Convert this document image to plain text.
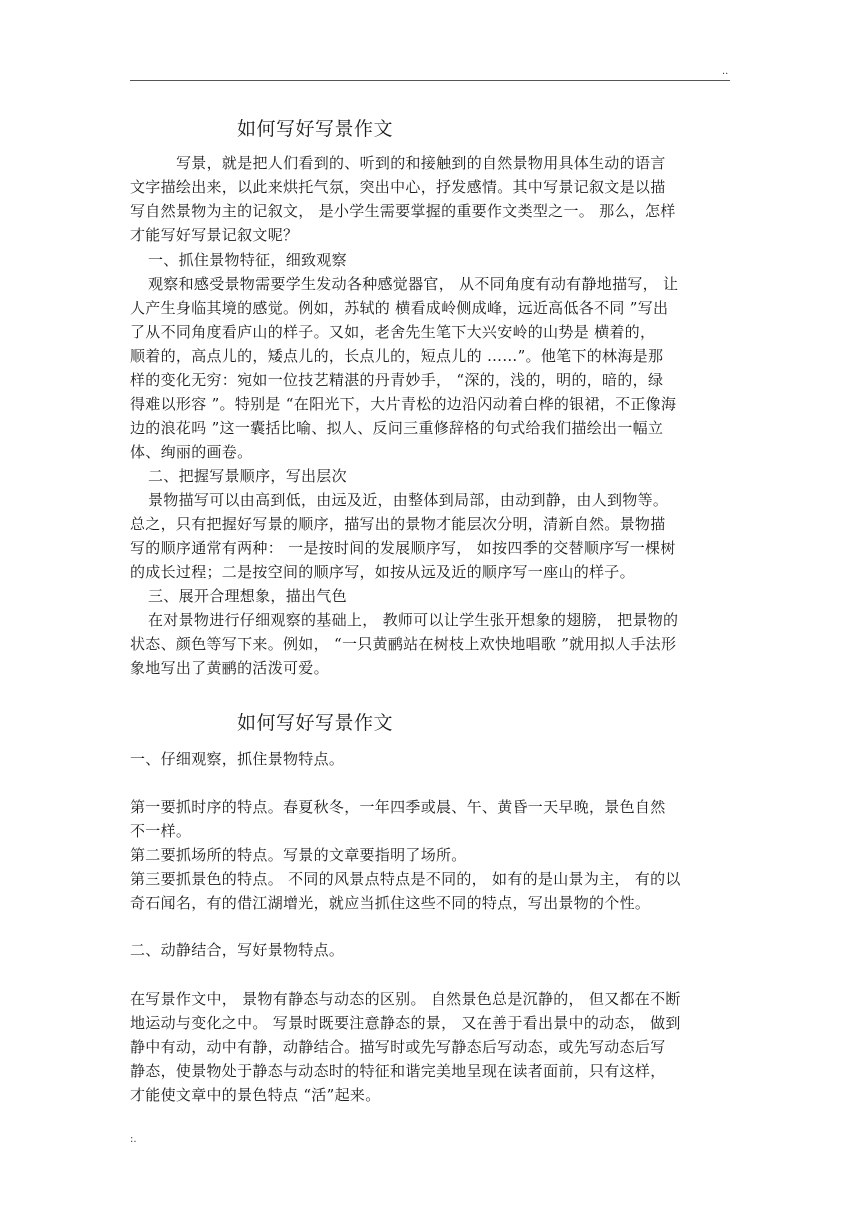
..
如何写好写景作文
写景，就是把人们看到的、听到的和接触到的自然景物用具体生动的语言
文字描绘出来，以此来烘托气氛，突出中心，抒发感情。其中写景记叙文是以描
写自然景物为主的记叙文， 是小学生需要掌握的重要作文类型之一。 那么，怎样
才能写好写景记叙文呢？
一、抓住景物特征，细致观察
观察和感受景物需要学生发动各种感觉器官， 从不同角度有动有静地描写， 让
人产生身临其境的感觉。例如，苏轼的 横看成岭侧成峰，远近高低各不同 ”写出
了从不同角度看庐山的样子。又如，老舍先生笔下大兴安岭的山势是 横着的，
顺着的，高点儿的，矮点儿的，长点儿的，短点儿的 ……”。他笔下的林海是那
样的变化无穷：宛如一位技艺精湛的丹青妙手， “深的，浅的，明的，暗的，绿
得难以形容 ”。特别是 “在阳光下，大片青松的边沿闪动着白桦的银裙，不正像海
边的浪花吗 ”这一囊括比喻、拟人、反问三重修辞格的句式给我们描绘出一幅立
体、绚丽的画卷。
二、把握写景顺序，写出层次
景物描写可以由高到低，由远及近，由整体到局部，由动到静，由人到物等。
总之，只有把握好写景的顺序，描写出的景物才能层次分明，清新自然。景物描
写的顺序通常有两种： 一是按时间的发展顺序写， 如按四季的交替顺序写一棵树
的成长过程；二是按空间的顺序写，如按从远及近的顺序写一座山的样子。
三、展开合理想象，描出气色
在对景物进行仔细观察的基础上， 教师可以让学生张开想象的翅膀， 把景物的
状态、颜色等写下来。例如， “一只黄鹂站在树枝上欢快地唱歌 ”就用拟人手法形
象地写出了黄鹂的活泼可爱。
如何写好写景作文
一、仔细观察，抓住景物特点。
第一要抓时序的特点。春夏秋冬，一年四季或晨、午、黄昏一天早晚，景色自然
不一样。
第二要抓场所的特点。写景的文章要指明了场所。
第三要抓景色的特点。 不同的风景点特点是不同的， 如有的是山景为主， 有的以
奇石闻名，有的借江湖增光，就应当抓住这些不同的特点，写出景物的个性。
二、动静结合，写好景物特点。
在写景作文中， 景物有静态与动态的区别。 自然景色总是沉静的， 但又都在不断
地运动与变化之中。 写景时既要注意静态的景， 又在善于看出景中的动态， 做到
静中有动，动中有静，动静结合。描写时或先写静态后写动态，或先写动态后写
静态，使景物处于静态与动态时的特征和谐完美地呈现在读者面前，只有这样，
才能使文章中的景色特点 “活”起来。
:.
